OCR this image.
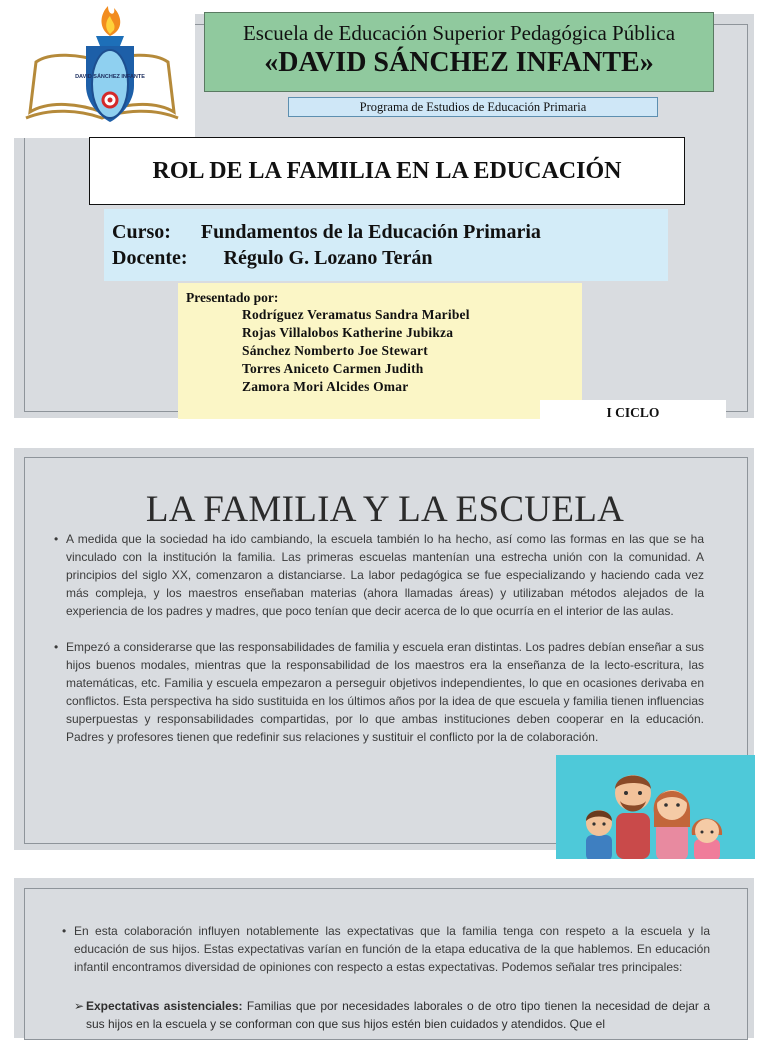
DAVID SÁNCHEZ INFANTE
Escuela de Educación Superior Pedagógica Pública
«DAVID SÁNCHEZ INFANTE»
Programa de Estudios de Educación Primaria
ROL DE LA FAMILIA EN LA EDUCACIÓN
Curso: Fundamentos de la Educación Primaria
Docente: Régulo G. Lozano Terán
Presentado por:
Rodríguez Veramatus Sandra Maribel
Rojas Villalobos Katherine Jubikza
Sánchez Nomberto Joe Stewart
Torres Aniceto Carmen Judith
Zamora Mori Alcides Omar
I CICLO
LA FAMILIA Y LA ESCUELA
• A medida que la sociedad ha ido cambiando, la escuela también lo ha hecho, así como las formas en las que se ha vinculado con la institución la familia. Las primeras escuelas mantenían una estrecha unión con la comunidad. A principios del siglo XX, comenzaron a distanciarse. La labor pedagógica se fue especializando y haciendo cada vez más compleja, y los maestros enseñaban materias (ahora llamadas áreas) y utilizaban métodos alejados de la experiencia de los padres y madres, que poco tenían que decir acerca de lo que ocurría en el interior de las aulas.
• Empezó a considerarse que las responsabilidades de familia y escuela eran distintas. Los padres debían enseñar a sus hijos buenos modales, mientras que la responsabilidad de los maestros era la enseñanza de la lecto-escritura, las matemáticas, etc. Familia y escuela empezaron a perseguir objetivos independientes, lo que en ocasiones derivaba en conflictos. Esta perspectiva ha sido sustituida en los últimos años por la idea de que escuela y familia tienen influencias superpuestas y responsabilidades compartidas, por lo que ambas instituciones deben cooperar en la educación. Padres y profesores tienen que redefinir sus relaciones y sustituir el conflicto por la de colaboración.
• En esta colaboración influyen notablemente las expectativas que la familia tenga con respeto a la escuela y la educación de sus hijos. Estas expectativas varían en función de la etapa educativa de la que hablemos. En educación infantil encontramos diversidad de opiniones con respecto a estas expectativas. Podemos señalar tres principales:
➢ Expectativas asistenciales: Familias que por necesidades laborales o de otro tipo tienen la necesidad de dejar a sus hijos en la escuela y se conforman con que sus hijos estén bien cuidados y atendidos. Que el
